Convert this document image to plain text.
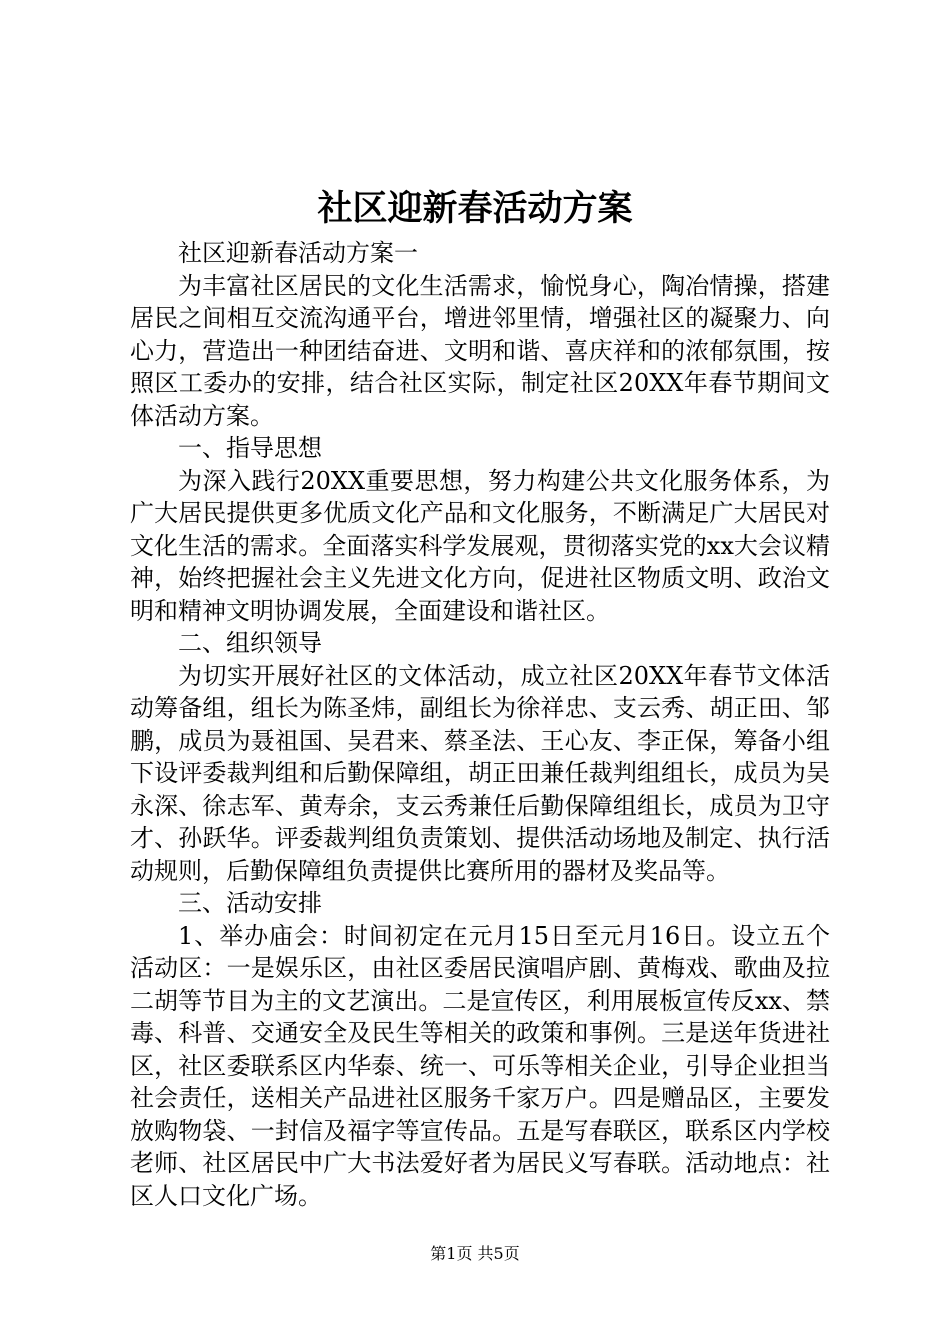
社区迎新春活动方案

社区迎新春活动方案一

为丰富社区居民的文化生活需求，愉悦身心，陶冶情操，搭建居民之间相互交流沟通平台，增进邻里情，增强社区的凝聚力、向心力，营造出一种团结奋进、文明和谐、喜庆祥和的浓郁氛围，按照区工委办的安排，结合社区实际，制定社区20XX年春节期间文体活动方案。

一、指导思想

为深入践行20XX重要思想，努力构建公共文化服务体系，为广大居民提供更多优质文化产品和文化服务，不断满足广大居民对文化生活的需求。全面落实科学发展观，贯彻落实党的xx大会议精神，始终把握社会主义先进文化方向，促进社区物质文明、政治文明和精神文明协调发展，全面建设和谐社区。

二、组织领导

为切实开展好社区的文体活动，成立社区20XX年春节文体活动筹备组，组长为陈圣炜，副组长为徐祥忠、支云秀、胡正田、邹鹏，成员为聂祖国、吴君来、蔡圣法、王心友、李正保，筹备小组下设评委裁判组和后勤保障组，胡正田兼任裁判组组长，成员为吴永深、徐志军、黄寿余，支云秀兼任后勤保障组组长，成员为卫守才、孙跃华。评委裁判组负责策划、提供活动场地及制定、执行活动规则，后勤保障组负责提供比赛所用的器材及奖品等。

三、活动安排

1、举办庙会：时间初定在元月15日至元月16日。设立五个活动区：一是娱乐区，由社区委居民演唱庐剧、黄梅戏、歌曲及拉二胡等节目为主的文艺演出。二是宣传区，利用展板宣传反xx、禁毒、科普、交通安全及民生等相关的政策和事例。三是送年货进社区，社区委联系区内华泰、统一、可乐等相关企业，引导企业担当社会责任，送相关产品进社区服务千家万户。四是赠品区，主要发放购物袋、一封信及福字等宣传品。五是写春联区，联系区内学校老师、社区居民中广大书法爱好者为居民义写春联。活动地点：社区人口文化广场。

第1页 共5页
